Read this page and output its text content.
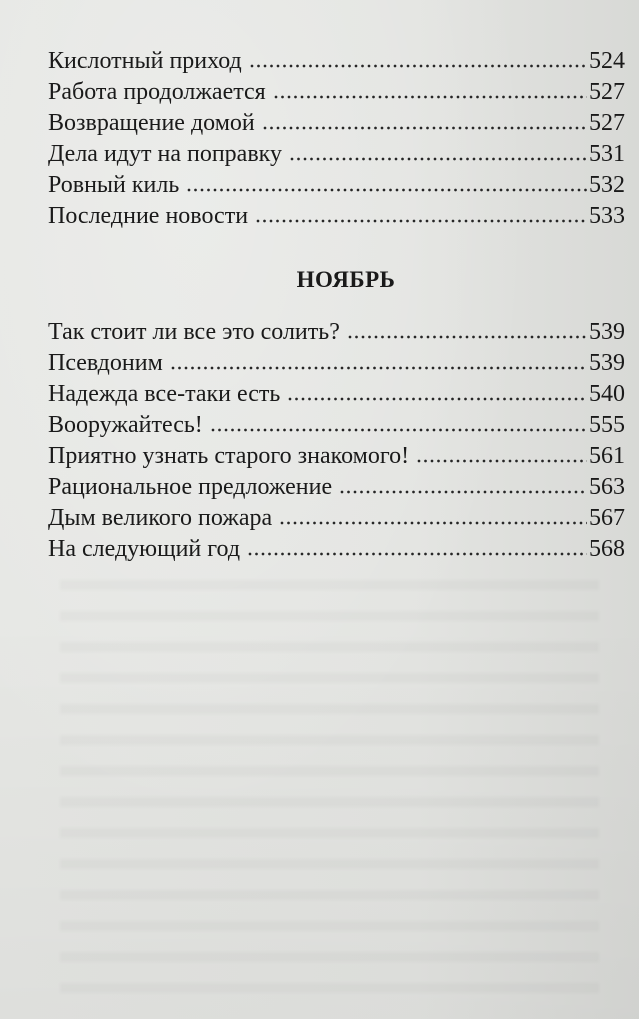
Кислотный приход	524
Работа продолжается	527
Возвращение домой	527
Дела идут на поправку	531
Ровный киль	532
Последние новости	533
НОЯБРЬ
Так стоит ли все это солить?	539
Псевдоним	539
Надежда все-таки есть	540
Вооружайтесь!	555
Приятно узнать старого знакомого!	561
Рациональное предложение	563
Дым великого пожара	567
На следующий год	568
